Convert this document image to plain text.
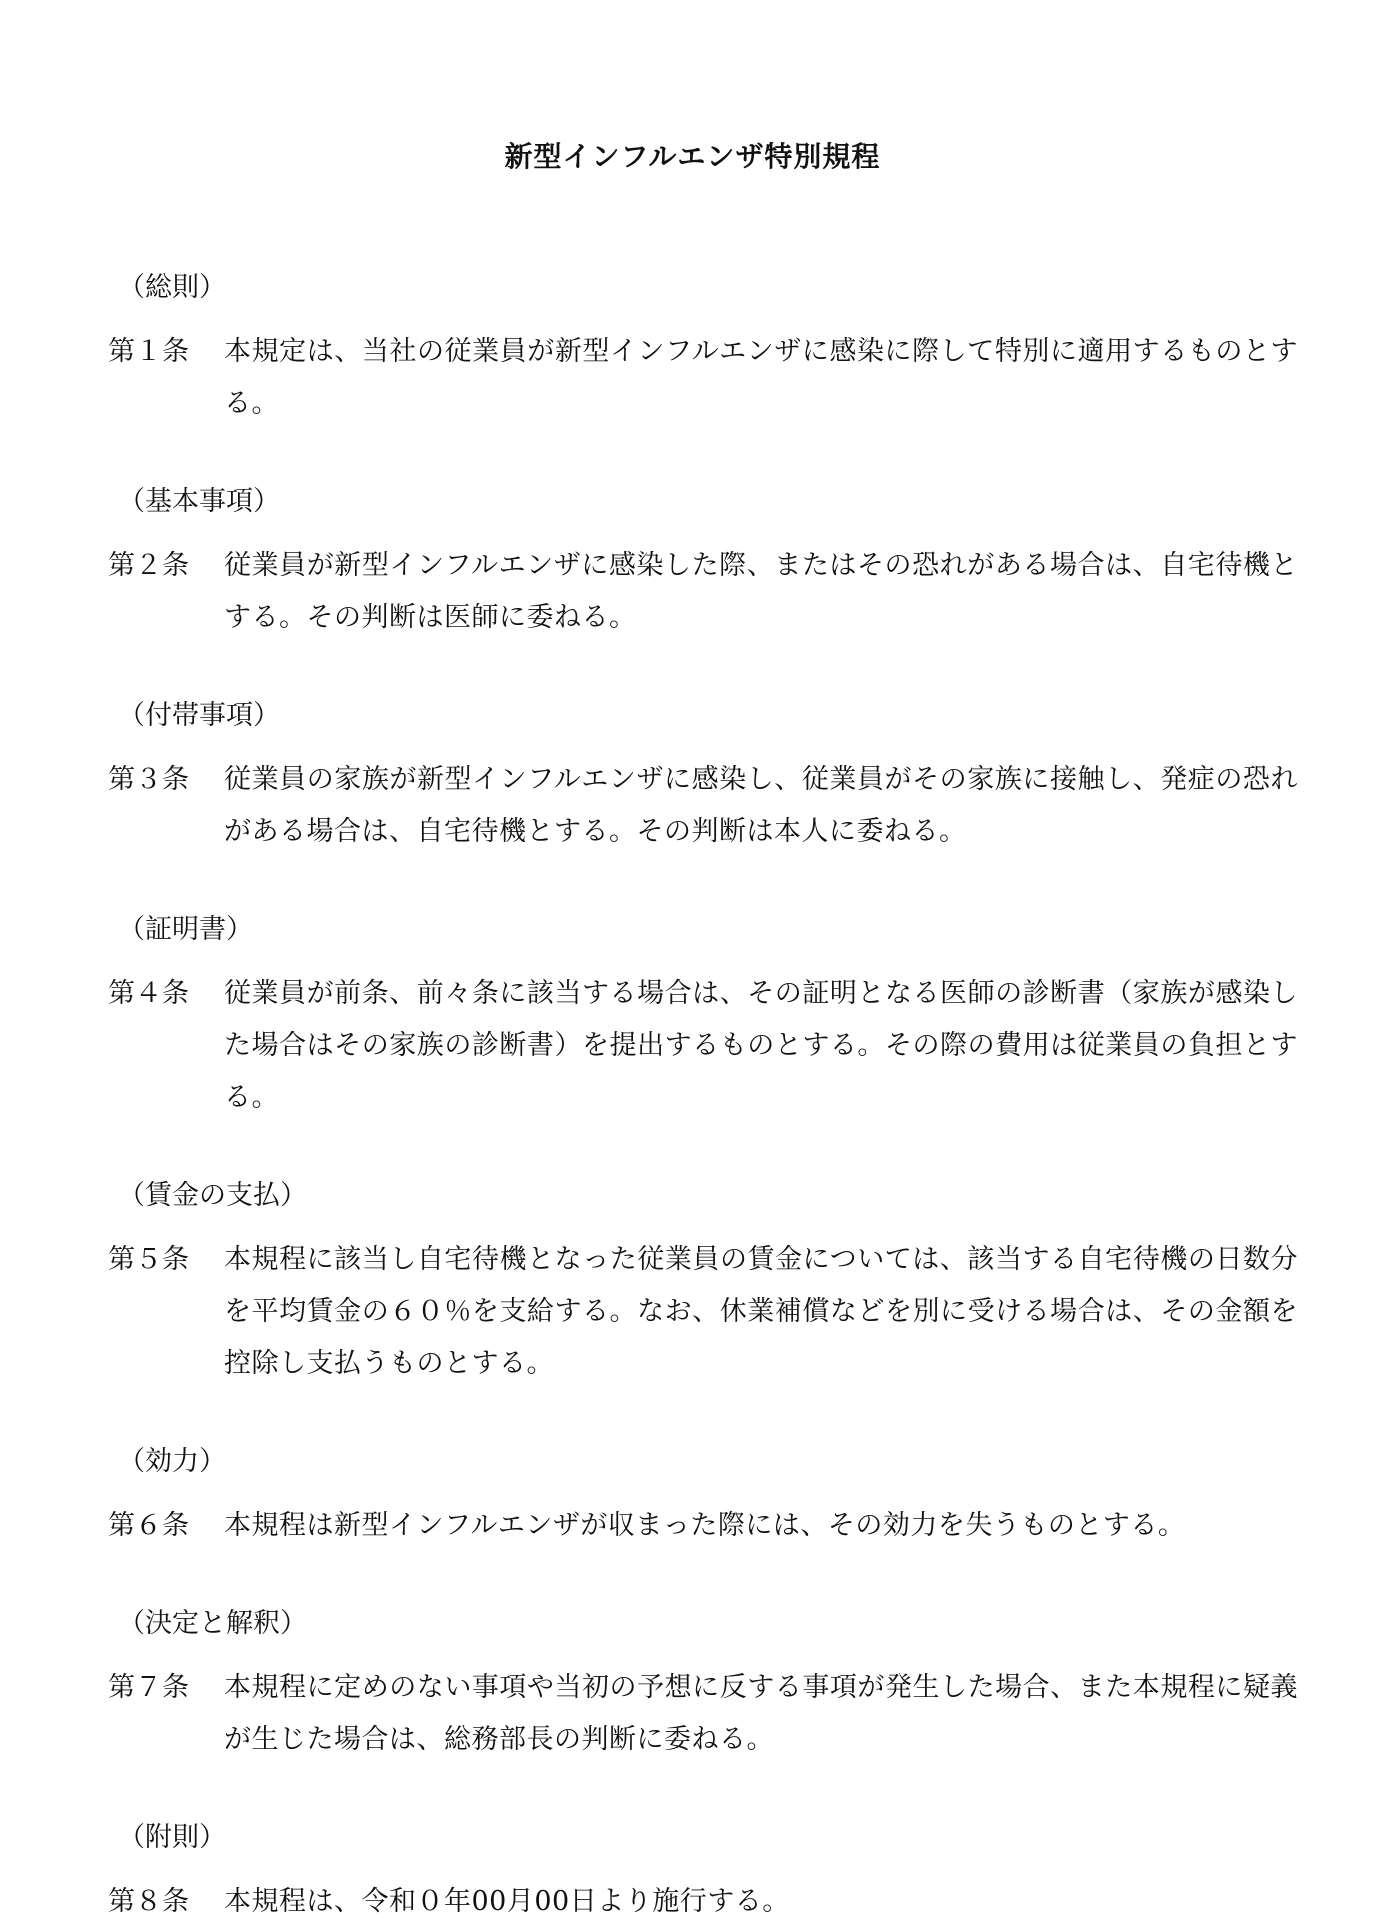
新型インフルエンザ特別規程
（総則）
第１条	本規定は、当社の従業員が新型インフルエンザに感染に際して特別に適用するものとする。
（基本事項）
第２条	従業員が新型インフルエンザに感染した際、またはその恐れがある場合は、自宅待機とする。その判断は医師に委ねる。
（付帯事項）
第３条	従業員の家族が新型インフルエンザに感染し、従業員がその家族に接触し、発症の恐れがある場合は、自宅待機とする。その判断は本人に委ねる。
（証明書）
第４条	従業員が前条、前々条に該当する場合は、その証明となる医師の診断書（家族が感染した場合はその家族の診断書）を提出するものとする。その際の費用は従業員の負担とする。
（賃金の支払）
第５条	本規程に該当し自宅待機となった従業員の賃金については、該当する自宅待機の日数分を平均賃金の６０％を支給する。なお、休業補償などを別に受ける場合は、その金額を控除し支払うものとする。
（効力）
第６条	本規程は新型インフルエンザが収まった際には、その効力を失うものとする。
（決定と解釈）
第７条	本規程に定めのない事項や当初の予想に反する事項が発生した場合、また本規程に疑義が生じた場合は、総務部長の判断に委ねる。
（附則）
第８条	本規程は、令和０年00月00日より施行する。
